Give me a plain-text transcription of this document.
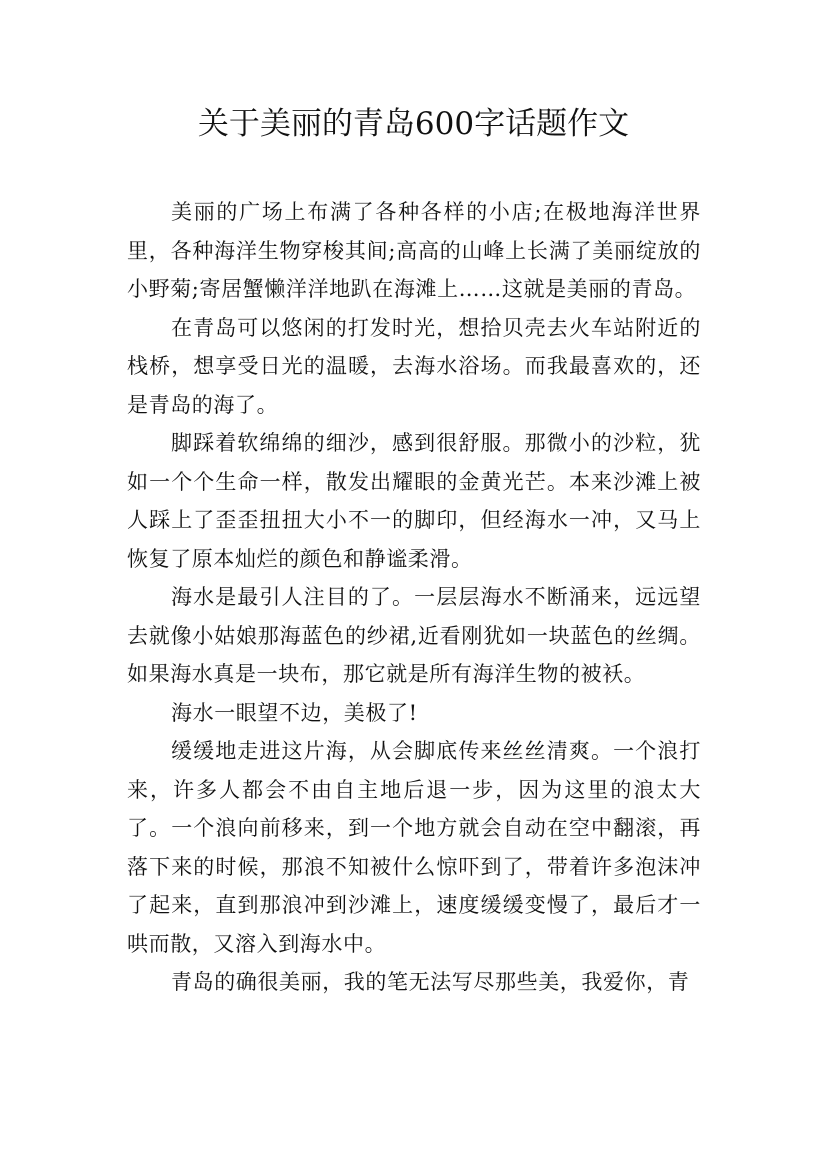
关于美丽的青岛600字话题作文

美丽的广场上布满了各种各样的小店;在极地海洋世界里，各种海洋生物穿梭其间;高高的山峰上长满了美丽绽放的小野菊;寄居蟹懒洋洋地趴在海滩上……这就是美丽的青岛。

在青岛可以悠闲的打发时光，想拾贝壳去火车站附近的栈桥，想享受日光的温暖，去海水浴场。而我最喜欢的，还是青岛的海了。

脚踩着软绵绵的细沙，感到很舒服。那微小的沙粒，犹如一个个生命一样，散发出耀眼的金黄光芒。本来沙滩上被人踩上了歪歪扭扭大小不一的脚印，但经海水一冲，又马上恢复了原本灿烂的颜色和静谧柔滑。

海水是最引人注目的了。一层层海水不断涌来，远远望去就像小姑娘那海蓝色的纱裙,近看刚犹如一块蓝色的丝绸。如果海水真是一块布，那它就是所有海洋生物的被袄。

海水一眼望不边，美极了!

缓缓地走进这片海，从会脚底传来丝丝清爽。一个浪打来，许多人都会不由自主地后退一步，因为这里的浪太大了。一个浪向前移来，到一个地方就会自动在空中翻滚，再落下来的时候，那浪不知被什么惊吓到了，带着许多泡沫冲了起来，直到那浪冲到沙滩上，速度缓缓变慢了，最后才一哄而散，又溶入到海水中。

青岛的确很美丽，我的笔无法写尽那些美，我爱你，青
